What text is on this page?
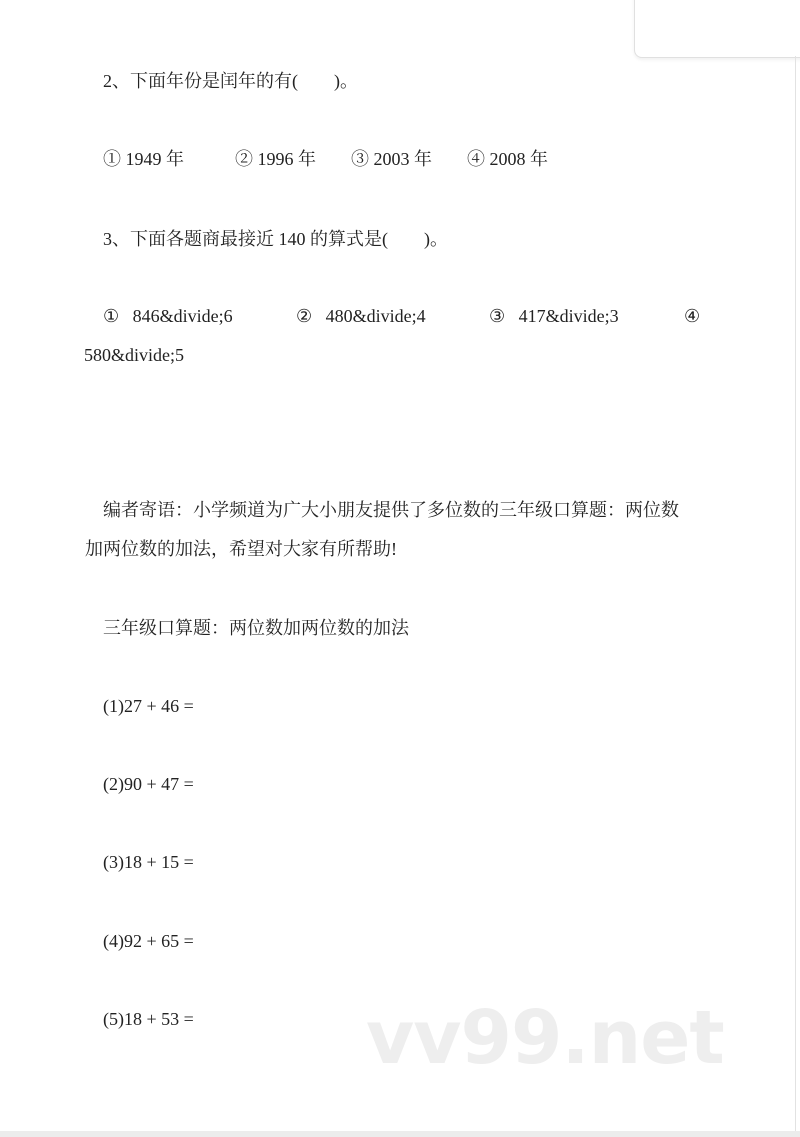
2、下面年份是闰年的有(        )。
① 1949 年	② 1996 年 ③ 2003 年 ④ 2008 年
3、下面各题商最接近 140 的算式是(        )。
①   846&divide;6	②   480&divide;4	③   417&divide;3	④
580&divide;5
编者寄语：小学频道为广大小朋友提供了多位数的三年级口算题：两位数
加两位数的加法，希望对大家有所帮助!
三年级口算题：两位数加两位数的加法
(1)27 + 46 =
(2)90 + 47 =
(3)18 + 15 =
(4)92 + 65 =
(5)18 + 53 = vv99.net
